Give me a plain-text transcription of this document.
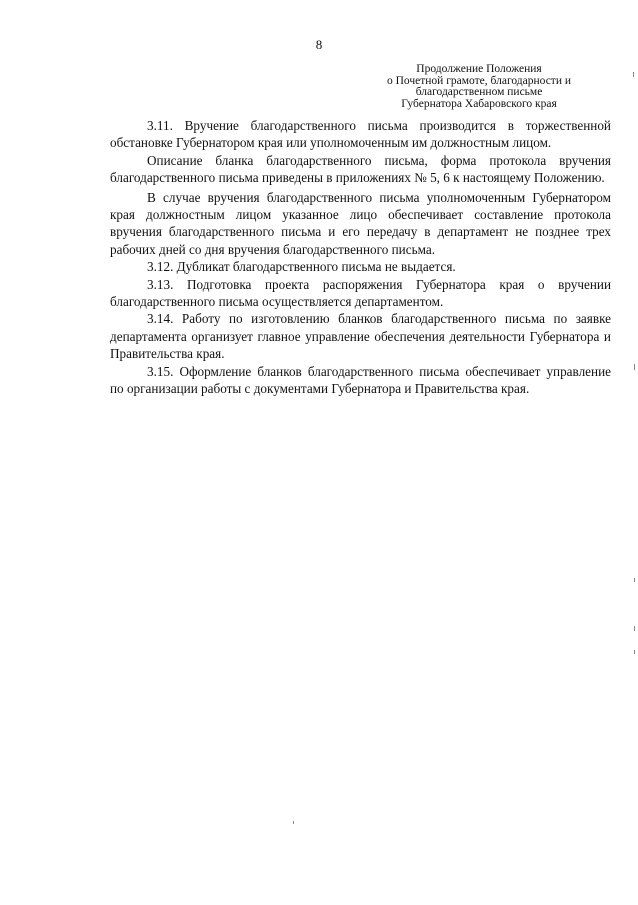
8
Продолжение Положения
о Почетной грамоте, благодарности и
благодарственном письме
Губернатора Хабаровского края

3.11. Вручение благодарственного письма производится в торжественной обстановке Губернатором края или уполномоченным им должностным лицом.

Описание бланка благодарственного письма, форма протокола вручения благодарственного письма приведены в приложениях № 5, 6 к настоящему Положению.

В случае вручения благодарственного письма уполномоченным Губернатором края должностным лицом указанное лицо обеспечивает составление протокола вручения благодарственного письма и его передачу в департамент не позднее трех рабочих дней со дня вручения благодарственного письма.

3.12. Дубликат благодарственного письма не выдается.

3.13. Подготовка проекта распоряжения Губернатора края о вручении благодарственного письма осуществляется департаментом.

3.14. Работу по изготовлению бланков благодарственного письма по заявке департамента организует главное управление обеспечения деятельности Губернатора и Правительства края.

3.15. Оформление бланков благодарственного письма обеспечивает управление по организации работы с документами Губернатора и Правительства края.
